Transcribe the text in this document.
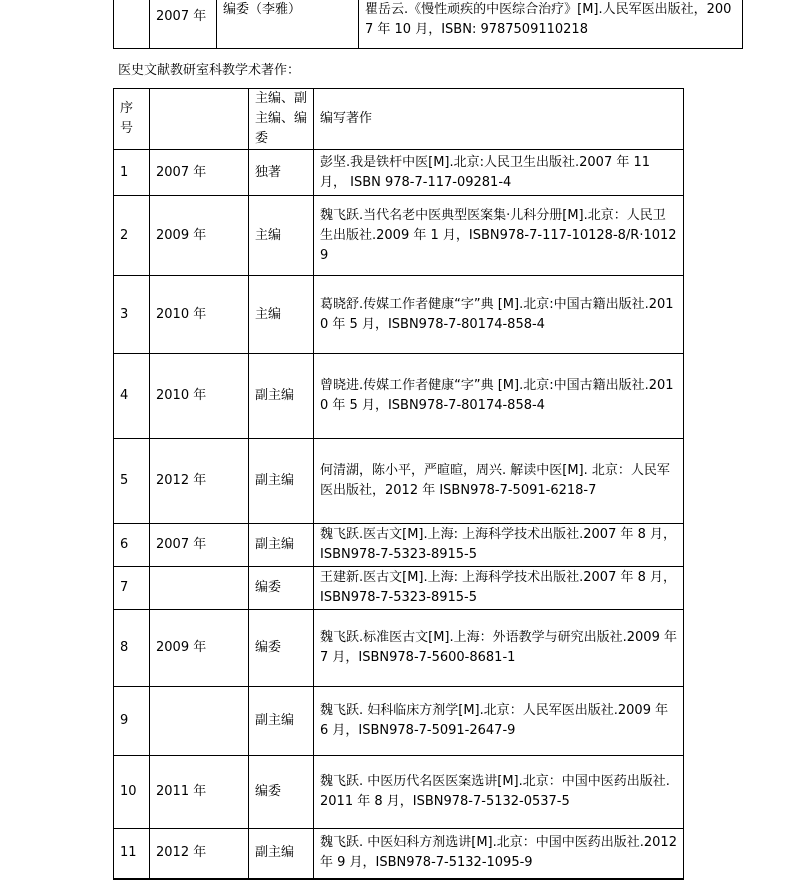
	2007 年	编委（李雅）	瞿岳云.《慢性顽疾的中医综合治疗》[M].人民军医出版社，2007 年 10 月，ISBN: 9787509110218
医史文献教研室科教学术著作：
序号		主编、副主编、编委	编写著作
1	2007 年	独著	彭坚.我是铁杆中医[M].北京:人民卫生出版社.2007 年 11 月， ISBN 978-7-117-09281-4
2	2009 年	主编	魏飞跃.当代名老中医典型医案集·儿科分册[M].北京：人民卫生出版社.2009 年 1 月，ISBN978-7-117-10128-8/R·10129
3	2010 年	主编	葛晓舒.传媒工作者健康“字”典 [M].北京:中国古籍出版社.2010 年 5 月，ISBN978-7-80174-858-4
4	2010 年	副主编	曾晓进.传媒工作者健康“字”典 [M].北京:中国古籍出版社.2010 年 5 月，ISBN978-7-80174-858-4
5	2012 年	副主编	何清湖，陈小平，严暄暄，周兴. 解读中医[M]. 北京：人民军医出版社，2012 年 ISBN978-7-5091-6218-7
6	2007 年	副主编	魏飞跃.医古文[M].上海: 上海科学技术出版社.2007 年 8 月，ISBN978-7-5323-8915-5
7		编委	王建新.医古文[M].上海: 上海科学技术出版社.2007 年 8 月，ISBN978-7-5323-8915-5
8	2009 年	编委	魏飞跃.标准医古文[M].上海：外语教学与研究出版社.2009 年 7 月，ISBN978-7-5600-8681-1
9		副主编	魏飞跃. 妇科临床方剂学[M].北京：人民军医出版社.2009 年 6 月，ISBN978-7-5091-2647-9
10	2011 年	编委	魏飞跃. 中医历代名医医案选讲[M].北京：中国中医药出版社.2011 年 8 月，ISBN978-7-5132-0537-5
11	2012 年	副主编	魏飞跃. 中医妇科方剂选讲[M].北京：中国中医药出版社.2012 年 9 月，ISBN978-7-5132-1095-9
